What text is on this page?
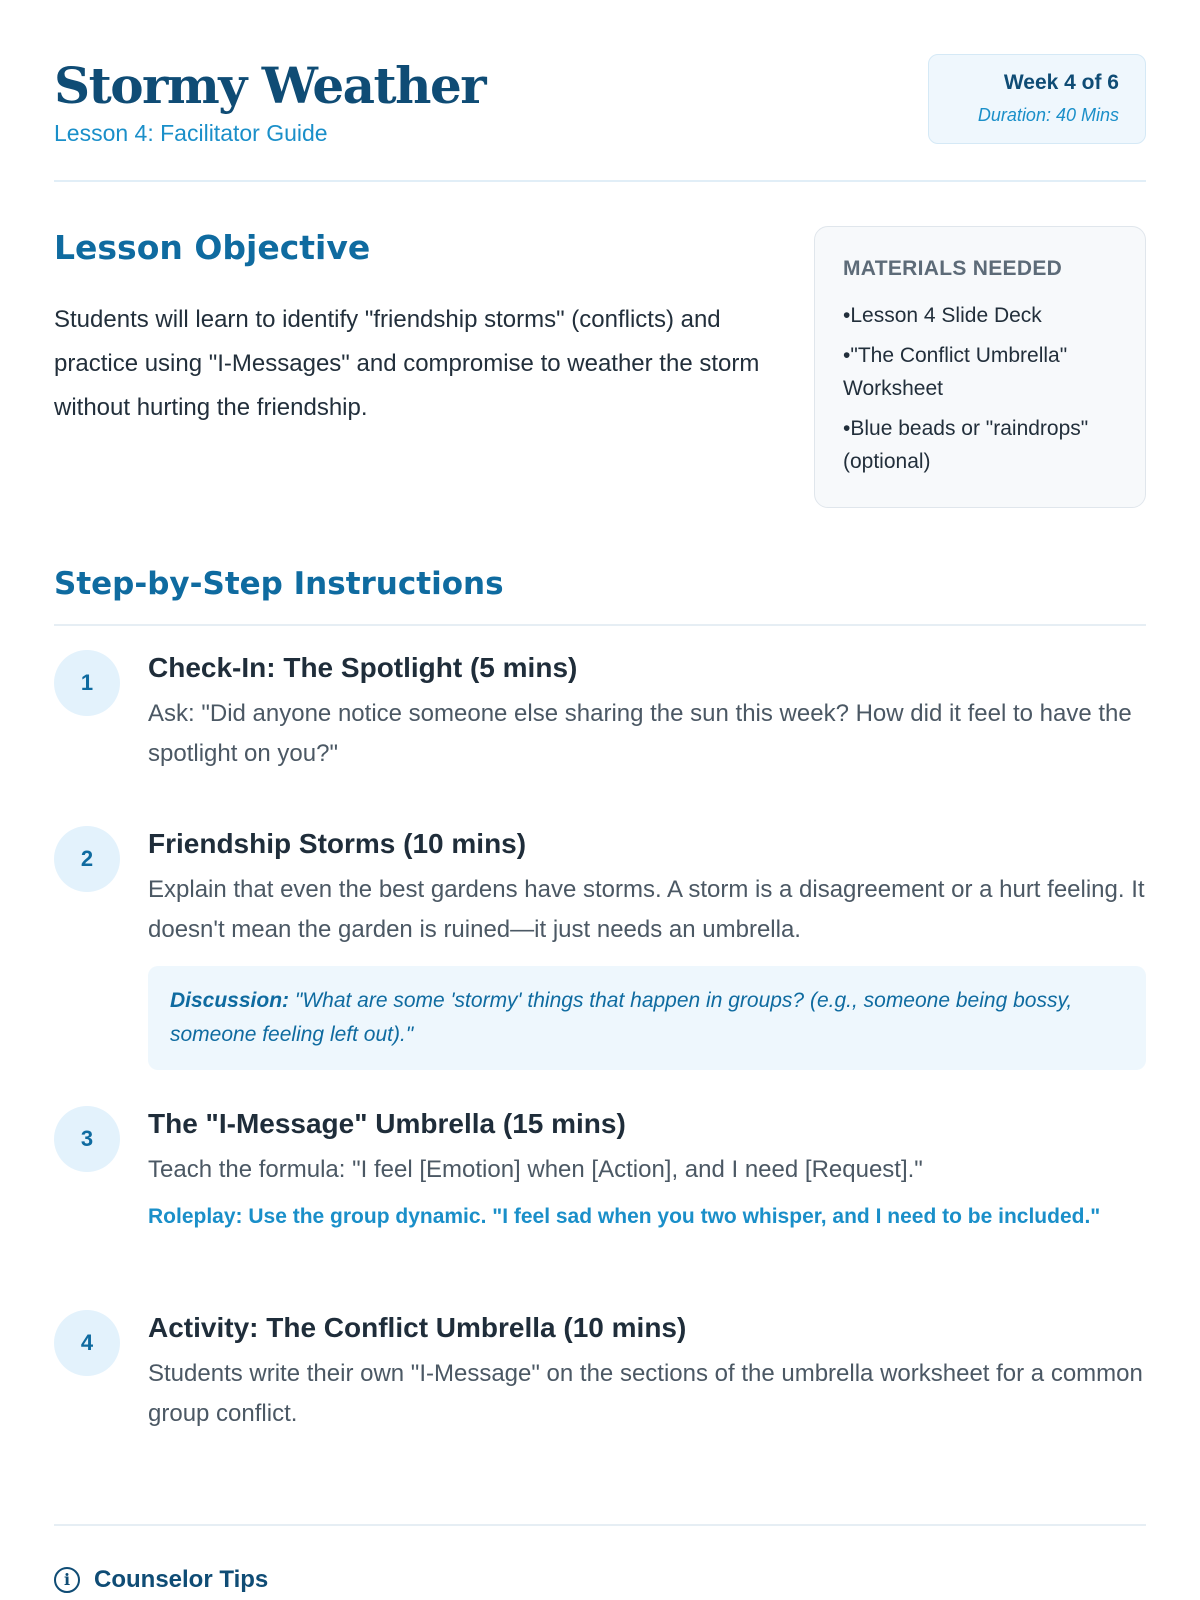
Stormy Weather
Lesson 4: Facilitator Guide
Week 4 of 6
Duration: 40 Mins
Lesson Objective
Students will learn to identify "friendship storms" (conflicts) and practice using "I-Messages" and compromise to weather the storm without hurting the friendship.
MATERIALS NEEDED
• Lesson 4 Slide Deck
• "The Conflict Umbrella" Worksheet
• Blue beads or "raindrops" (optional)
Step-by-Step Instructions
1	Check-In: The Spotlight (5 mins)
Ask: "Did anyone notice someone else sharing the sun this week? How did it feel to have the spotlight on you?"
2	Friendship Storms (10 mins)
Explain that even the best gardens have storms. A storm is a disagreement or a hurt feeling. It doesn't mean the garden is ruined—it just needs an umbrella.
Discussion: "What are some 'stormy' things that happen in groups? (e.g., someone being bossy, someone feeling left out)."
3	The "I-Message" Umbrella (15 mins)
Teach the formula: "I feel [Emotion] when [Action], and I need [Request]."
Roleplay: Use the group dynamic. "I feel sad when you two whisper, and I need to be included."
4	Activity: The Conflict Umbrella (10 mins)
Students write their own "I-Message" on the sections of the umbrella worksheet for a common group conflict.
i Counselor Tips
